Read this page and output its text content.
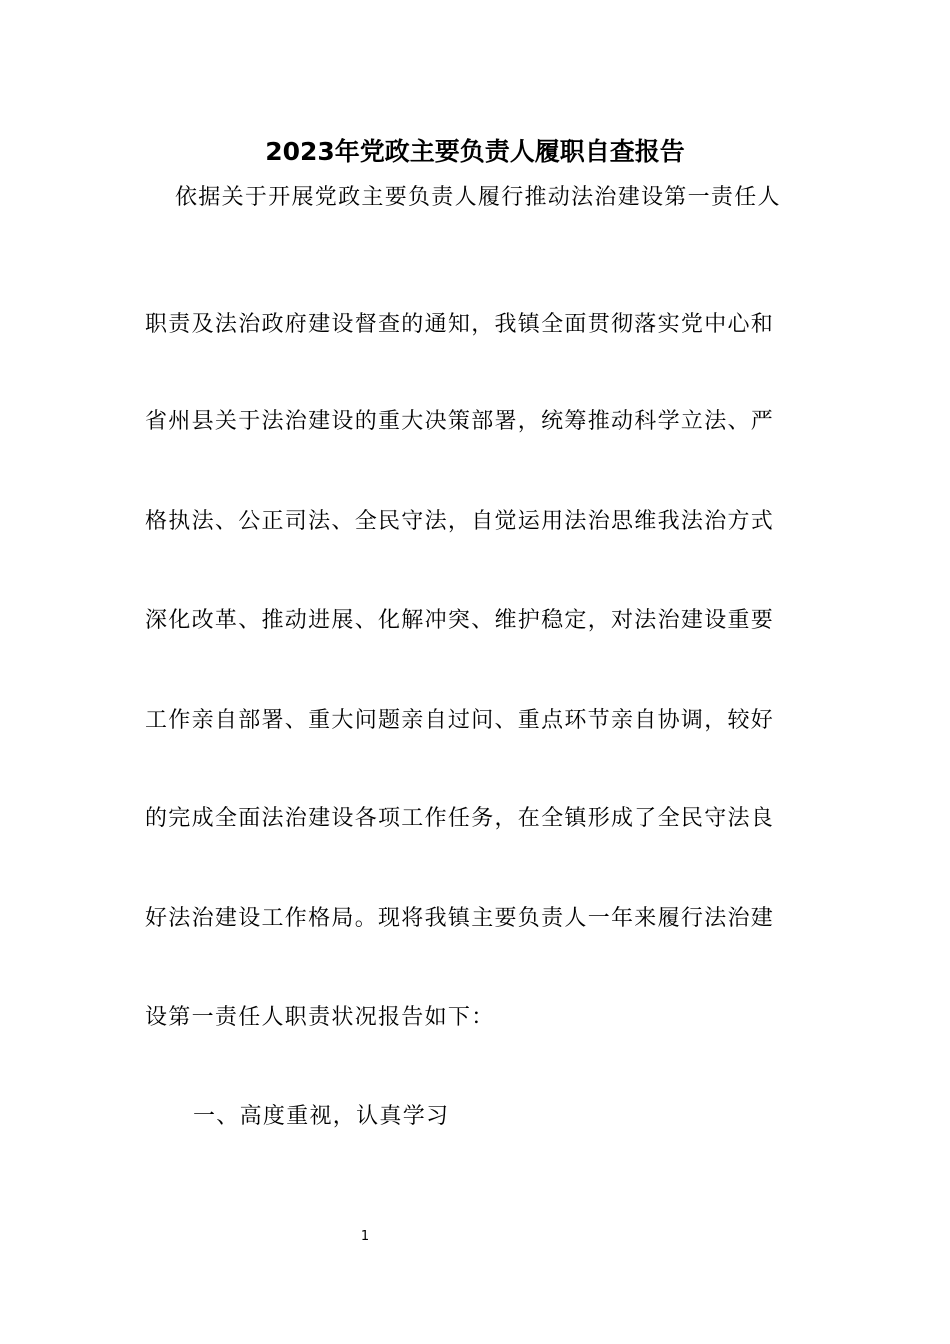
2023年党政主要负责人履职自查报告
依据关于开展党政主要负责人履行推动法治建设第一责任人
职责及法治政府建设督查的通知，我镇全面贯彻落实党中心和
省州县关于法治建设的重大决策部署，统筹推动科学立法、严
格执法、公正司法、全民守法，自觉运用法治思维我法治方式
深化改革、推动进展、化解冲突、维护稳定，对法治建设重要
工作亲自部署、重大问题亲自过问、重点环节亲自协调，较好
的完成全面法治建设各项工作任务，在全镇形成了全民守法良
好法治建设工作格局。现将我镇主要负责人一年来履行法治建
设第一责任人职责状况报告如下：
一、高度重视，认真学习
1
